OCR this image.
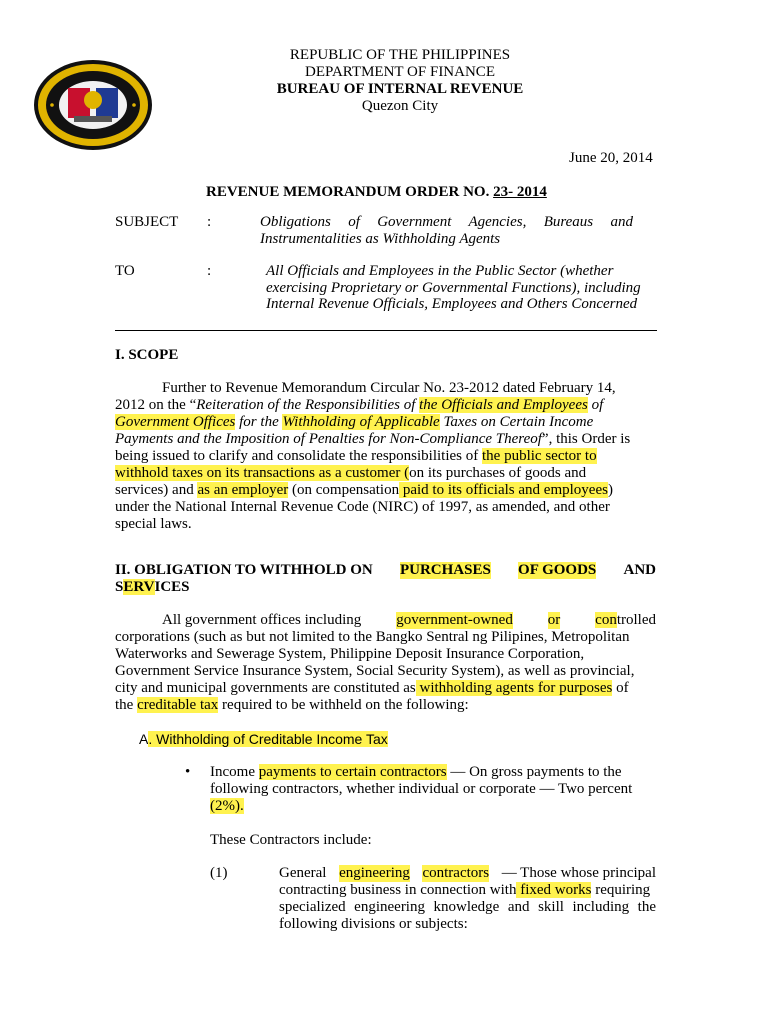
REPUBLIC OF THE PHILIPPINES
DEPARTMENT OF FINANCE
BUREAU OF INTERNAL REVENUE
Quezon City
June 20, 2014
REVENUE MEMORANDUM ORDER NO. 23- 2014
SUBJECT :	Obligations of Government Agencies, Bureaus and
Instrumentalities as Withholding Agents
TO	:	All Officials and Employees in the Public Sector (whether
exercising Proprietary or Governmental Functions), including
Internal Revenue Officials, Employees and Others Concerned
I. SCOPE
Further to Revenue Memorandum Circular No. 23-2012 dated February 14,
2012 on the “Reiteration of the Responsibilities of the Officials and Employees of
Government Offices for the Withholding of Applicable Taxes on Certain Income
Payments and the Imposition of Penalties for Non-Compliance Thereof”, this Order is
being issued to clarify and consolidate the responsibilities of the public sector to
withhold taxes on its transactions as a customer (on its purchases of goods and
services) and as an employer (on compensation paid to its officials and employees)
under the National Internal Revenue Code (NIRC) of 1997, as amended, and other
special laws.
II. OBLIGATION TO WITHHOLD ON PURCHASES OF GOODS AND
SERVICES
All government offices including government-owned or controlled
corporations (such as but not limited to the Bangko Sentral ng Pilipines, Metropolitan
Waterworks and Sewerage System, Philippine Deposit Insurance Corporation,
Government Service Insurance System, Social Security System), as well as provincial,
city and municipal governments are constituted as withholding agents for purposes of
the creditable tax required to be withheld on the following:
A. Withholding of Creditable Income Tax
• Income payments to certain contractors — On gross payments to the
following contractors, whether individual or corporate — Two percent
(2%).
These Contractors include:
(1)	General engineering contractors — Those whose principal
contracting business in connection with fixed works requiring
specialized engineering knowledge and skill including the
following divisions or subjects:
